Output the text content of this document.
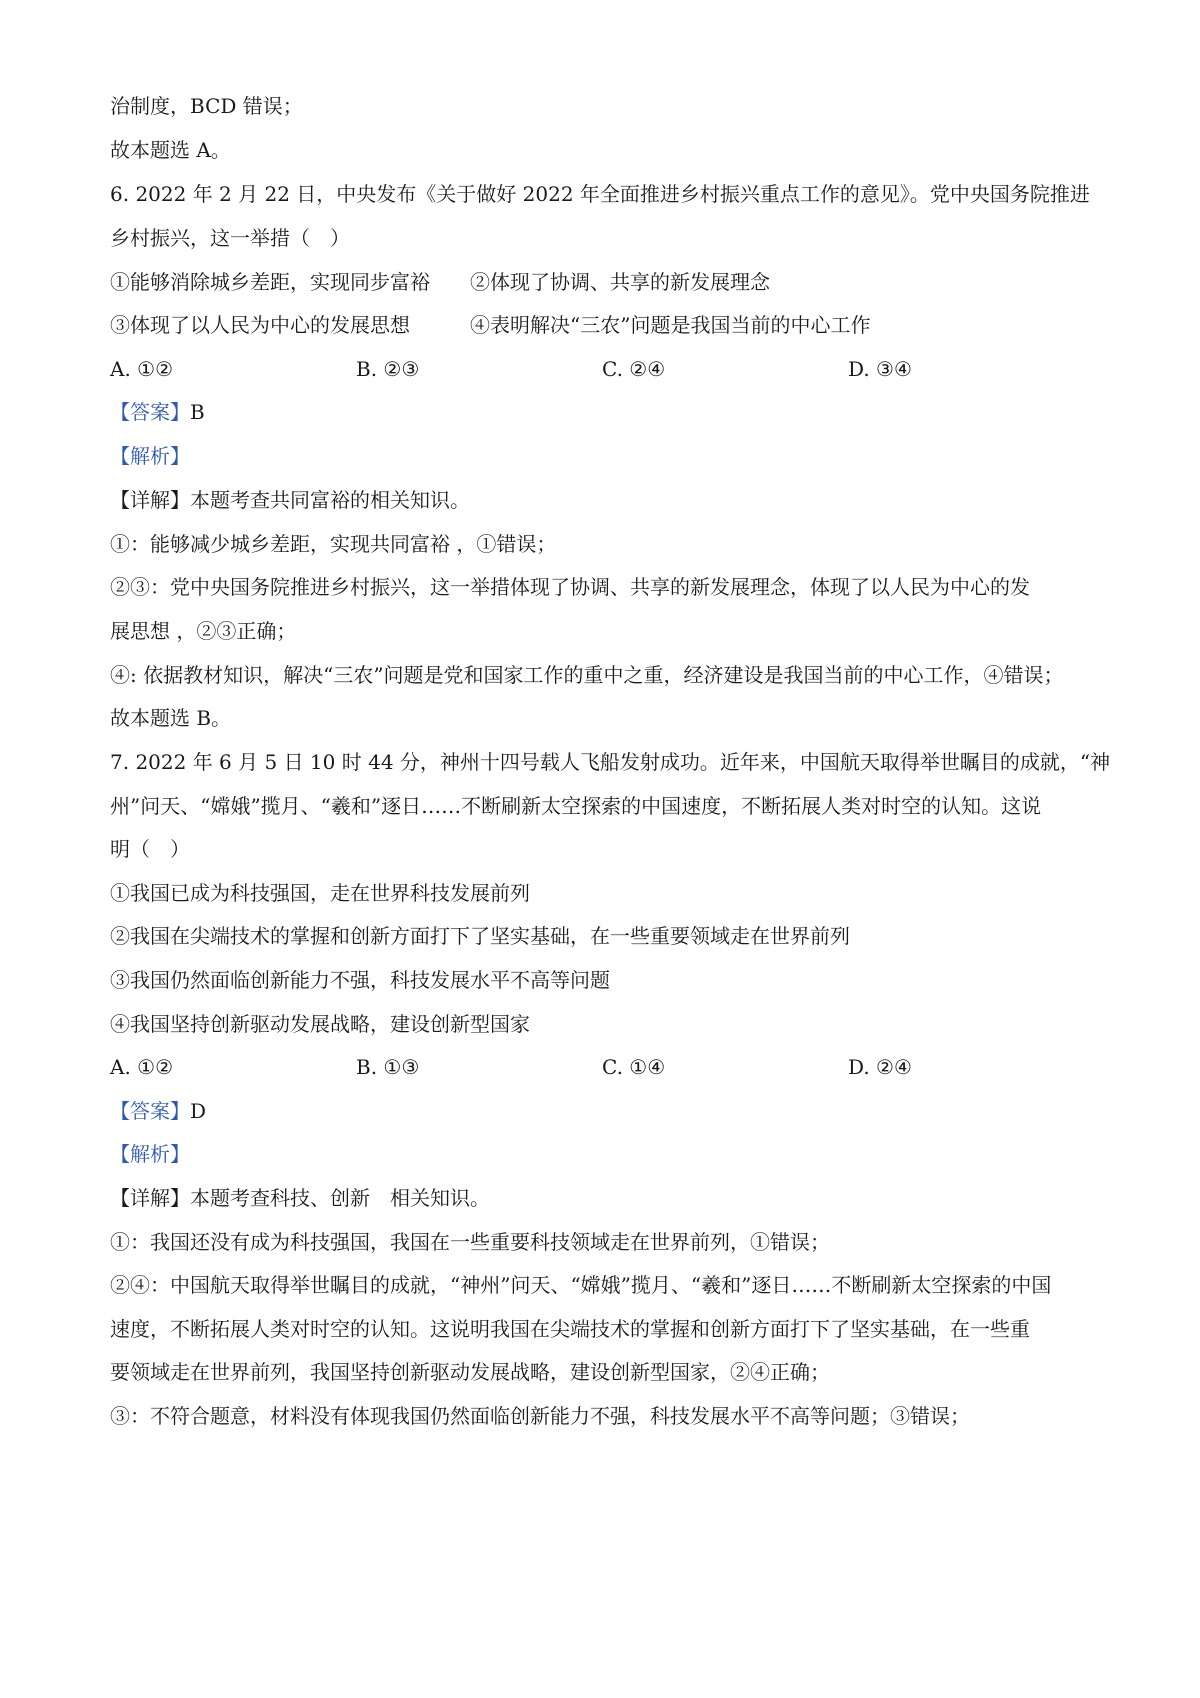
治制度，BCD 错误；
故本题选 A。
6. 2022 年 2 月 22 日，中央发布《关于做好 2022 年全面推进乡村振兴重点工作的意见》。党中央国务院推进
乡村振兴，这一举措（　）
①能够消除城乡差距，实现同步富裕　　②体现了协调、共享的新发展理念
③体现了以人民为中心的发展思想　　　④表明解决“三农”问题是我国当前的中心工作
A. ①②	B. ②③	C. ②④	D. ③④
【答案】B
【解析】
【详解】本题考查共同富裕的相关知识。
①：能够减少城乡差距，实现共同富裕 ，①错误；
②③：党中央国务院推进乡村振兴，这一举措体现了协调、共享的新发展理念，体现了以人民为中心的发
展思想 ，②③正确；
④: 依据教材知识，解决“三农”问题是党和国家工作的重中之重，经济建设是我国当前的中心工作，④错误；
故本题选 B。
7. 2022 年 6 月 5 日 10 时 44 分，神州十四号载人飞船发射成功。近年来，中国航天取得举世瞩目的成就，“神
州”问天、“嫦娥”揽月、“羲和”逐日……不断刷新太空探索的中国速度，不断拓展人类对时空的认知。这说
明（　）
①我国已成为科技强国，走在世界科技发展前列
②我国在尖端技术的掌握和创新方面打下了坚实基础，在一些重要领域走在世界前列
③我国仍然面临创新能力不强，科技发展水平不高等问题
④我国坚持创新驱动发展战略，建设创新型国家
A. ①②	B. ①③	C. ①④	D. ②④
【答案】D
【解析】
【详解】本题考查科技、创新　相关知识。
①：我国还没有成为科技强国，我国在一些重要科技领域走在世界前列，①错误；
②④：中国航天取得举世瞩目的成就，“神州”问天、“嫦娥”揽月、“羲和”逐日……不断刷新太空探索的中国
速度，不断拓展人类对时空的认知。这说明我国在尖端技术的掌握和创新方面打下了坚实基础，在一些重
要领域走在世界前列，我国坚持创新驱动发展战略，建设创新型国家，②④正确；
③：不符合题意，材料没有体现我国仍然面临创新能力不强，科技发展水平不高等问题；③错误；
